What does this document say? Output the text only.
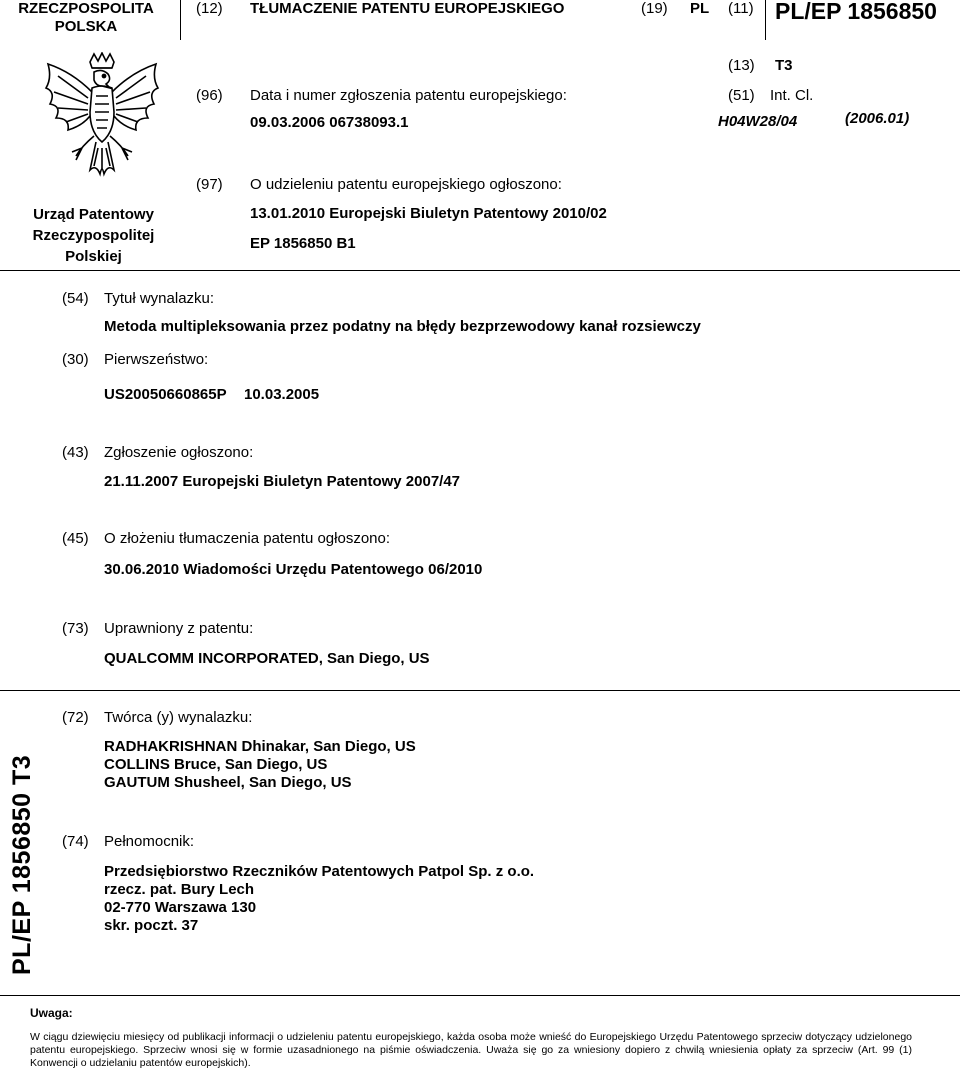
RZECZPOSPOLITA
POLSKA
(12) TŁUMACZENIE PATENTU EUROPEJSKIEGO	(19) PL (11) PL/EP 1856850
Urząd Patentowy
Rzeczypospolitej
Polskiej
(13) T3
(51) Int. Cl.
H04W28/04	(2006.01)
(96) Data i numer zgłoszenia patentu europejskiego:
09.03.2006 06738093.1
(97) O udzieleniu patentu europejskiego ogłoszono:
13.01.2010 Europejski Biuletyn Patentowy 2010/02
EP 1856850 B1
(54) Tytuł wynalazku:
Metoda multipleksowania przez podatny na błędy bezprzewodowy kanał rozsiewczy
(30) Pierwszeństwo:
US20050660865P 10.03.2005
(43) Zgłoszenie ogłoszono:
21.11.2007 Europejski Biuletyn Patentowy 2007/47
(45) O złożeniu tłumaczenia patentu ogłoszono:
30.06.2010 Wiadomości Urzędu Patentowego 06/2010
(73) Uprawniony z patentu:
QUALCOMM INCORPORATED, San Diego, US
(72) Twórca (y) wynalazku:
RADHAKRISHNAN Dhinakar, San Diego, US
COLLINS Bruce, San Diego, US
GAUTUM Shusheel, San Diego, US
(74) Pełnomocnik:
Przedsiębiorstwo Rzeczników Patentowych Patpol Sp. z o.o.
rzecz. pat. Bury Lech
02-770 Warszawa 130
skr. poczt. 37
PL/EP 1856850 T3
Uwaga:
W ciągu dziewięciu miesięcy od publikacji informacji o udzieleniu patentu europejskiego, każda osoba może wnieść do Europejskiego Urzędu Patentowego sprzeciw dotyczący udzielonego patentu europejskiego. Sprzeciw wnosi się w formie uzasadnionego na piśmie oświadczenia. Uważa się go za wniesiony dopiero z chwilą wniesienia opłaty za sprzeciw (Art. 99 (1) Konwencji o udzielaniu patentów europejskich).
